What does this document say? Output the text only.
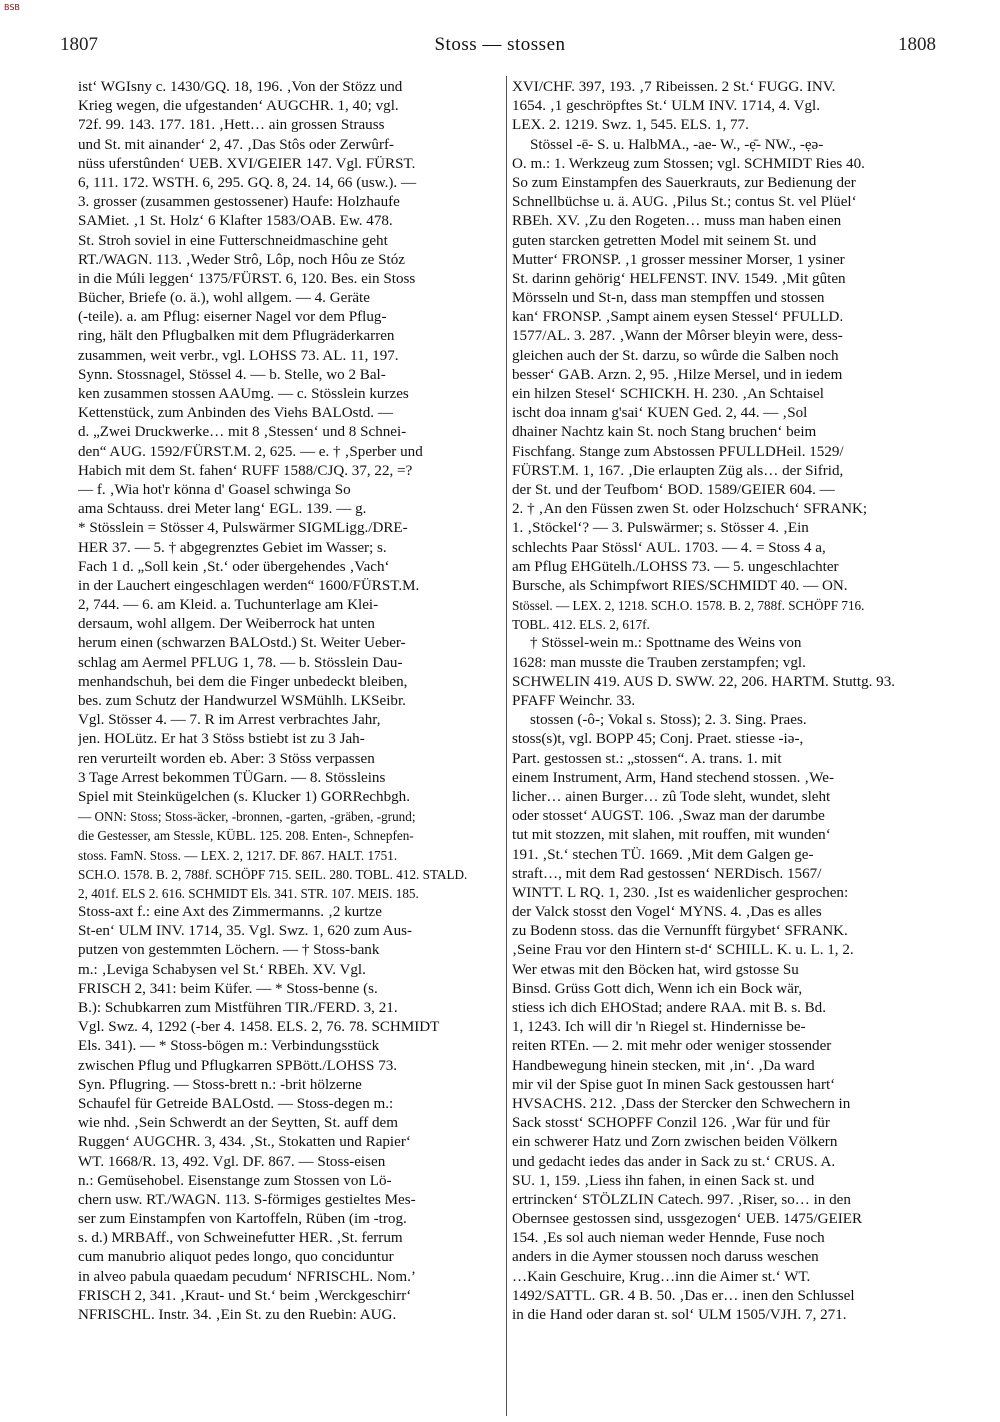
BSB
1807	Stoss — stossen	1808
ist‘ WGIsny c. 1430/GQ. 18, 196. ‚Von der Stözz und
Krieg wegen, die ufgestanden‘ AUGCHR. 1, 40; vgl.
72f. 99. 143. 177. 181. ‚Hett… ain grossen Strauss
und St. mit ainander‘ 2, 47. ‚Das Stôs oder Zerwûrf-
nüss uferstûnden‘ UEB. XVI/GEIER 147. Vgl. FÜRST.
6, 111. 172. WSTH. 6, 295. GQ. 8, 24. 14, 66 (usw.). —
3. grosser (zusammen gestossener) Haufe: Holzhaufe
SAMiet. ‚1 St. Holz‘ 6 Klafter 1583/OAB. Ew. 478.
St. Stroh soviel in eine Futterschneidmaschine geht
RT./WAGN. 113. ‚Weder Strô, Lôp, noch Hôu ze Stóz
in die Múli leggen‘ 1375/FÜRST. 6, 120. Bes. ein Stoss
Bücher, Briefe (o. ä.), wohl allgem. — 4. Geräte
(-teile). a. am Pflug: eiserner Nagel vor dem Pflug-
ring, hält den Pflugbalken mit dem Pflugräderkarren
zusammen, weit verbr., vgl. LOHSS 73. AL. 11, 197.
Synn. Stossnagel, Stössel 4. — b. Stelle, wo 2 Bal-
ken zusammen stossen AAUmg. — c. Stösslein kurzes
Kettenstück, zum Anbinden des Viehs BALOstd. —
d. „Zwei Druckwerke… mit 8 ‚Stessen‘ und 8 Schnei-
den“ AUG. 1592/FÜRST.M. 2, 625. — e. † ‚Sperber und
Habich mit dem St. fahen‘ RUFF 1588/CJQ. 37, 22, =?
— f. ‚Wia hot'r könna d' Goasel schwinga So
ama Schtauss. drei Meter lang‘ EGL. 139. — g.
* Stösslein = Stösser 4, Pulswärmer SIGMLigg./DRE-
HER 37. — 5. † abgegrenztes Gebiet im Wasser; s.
Fach 1 d. „Soll kein ‚St.‘ oder übergehendes ‚Vach‘
in der Lauchert eingeschlagen werden“ 1600/FÜRST.M.
2, 744. — 6. am Kleid. a. Tuchunterlage am Klei-
dersaum, wohl allgem. Der Weiberrock hat unten
herum einen (schwarzen BALOstd.) St. Weiter Ueber-
schlag am Aermel PFLUG 1, 78. — b. Stösslein Dau-
menhandschuh, bei dem die Finger unbedeckt bleiben,
bes. zum Schutz der Handwurzel WSMühlh. LKSeibr.
Vgl. Stösser 4. — 7. R im Arrest verbrachtes Jahr,
jen. HOLütz. Er hat 3 Stöss bstiebt ist zu 3 Jah-
ren verurteilt worden eb. Aber: 3 Stöss verpassen
3 Tage Arrest bekommen TÜGarn. — 8. Stössleins
Spiel mit Steinkügelchen (s. Klucker 1) GORRechbgh.
— ONN: Stoss; Stoss-äcker, -bronnen, -garten, -gräben, -grund;
die Gestesser, am Stessle, KÜBL. 125. 208. Enten-, Schnepfen-
stoss. FamN. Stoss. — LEX. 2, 1217. DF. 867. HALT. 1751.
SCH.O. 1578. B. 2, 788f. SCHÖPF 715. SEIL. 280. TOBL. 412. STALD.
2, 401f. ELS 2. 616. SCHMIDT Els. 341. STR. 107. MEIS. 185.
Stoss-axt f.: eine Axt des Zimmermanns. ‚2 kurtze
St-en‘ ULM INV. 1714, 35. Vgl. Swz. 1, 620 zum Aus-
putzen von gestemmten Löchern. — † Stoss-bank
m.: ‚Leviga Schabysen vel St.‘ RBEh. XV. Vgl.
FRISCH 2, 341: beim Küfer. — * Stoss-benne (s.
B.): Schubkarren zum Mistführen TIR./FERD. 3, 21.
Vgl. Swz. 4, 1292 (-ber 4. 1458. ELS. 2, 76. 78. SCHMIDT
Els. 341). — * Stoss-bögen m.: Verbindungsstück
zwischen Pflug und Pflugkarren SPBött./LOHSS 73.
Syn. Pflugring. — Stoss-brett n.: -brit hölzerne
Schaufel für Getreide BALOstd. — Stoss-degen m.:
wie nhd. ‚Sein Schwerdt an der Seytten, St. auff dem
Ruggen‘ AUGCHR. 3, 434. ‚St., Stokatten und Rapier‘
WT. 1668/R. 13, 492. Vgl. DF. 867. — Stoss-eisen
n.: Gemüsehobel. Eisenstange zum Stossen von Lö-
chern usw. RT./WAGN. 113. S-förmiges gestieltes Mes-
ser zum Einstampfen von Kartoffeln, Rüben (im -trog.
s. d.) MRBAff., von Schweinefutter HER. ‚St. ferrum
cum manubrio aliquot pedes longo, quo conciduntur
in alveo pabula quaedam pecudum‘ NFRISCHL. Nom.’
FRISCH 2, 341. ‚Kraut- und St.‘ beim ‚Werckgeschirr‘
NFRISCHL. Instr. 34. ‚Ein St. zu den Ruebin: AUG.
XVI/CHF. 397, 193. ‚7 Ribeissen. 2 St.‘ FUGG. INV.
1654. ‚1 geschröpftes St.‘ ULM INV. 1714, 4. Vgl.
LEX. 2. 1219. Swz. 1, 545. ELS. 1, 77.
Stössel -ē- S. u. HalbMA., -ae- W., -ẹ̄- NW., -ẹə-
O. m.: 1. Werkzeug zum Stossen; vgl. SCHMIDT Ries 40.
So zum Einstampfen des Sauerkrauts, zur Bedienung der
Schnellbüchse u. ä. AUG. ‚Pilus St.; contus St. vel Plüel‘
RBEh. XV. ‚Zu den Rogeten… muss man haben einen
guten starcken getretten Model mit seinem St. und
Mutter‘ FRONSP. ‚1 grosser messiner Morser, 1 ysiner
St. darinn gehörig‘ HELFENST. INV. 1549. ‚Mit gûten
Mörsseln und St-n, dass man stempffen und stossen
kan‘ FRONSP. ‚Sampt ainem eysen Stessel‘ PFULLD.
1577/AL. 3. 287. ‚Wann der Môrser bleyin were, dess-
gleichen auch der St. darzu, so wûrde die Salben noch
besser‘ GAB. Arzn. 2, 95. ‚Hilze Mersel, und in iedem
ein hilzen Stesel‘ SCHICKH. H. 230. ‚An Schtaisel
ischt doa innam g'sai‘ KUEN Ged. 2, 44. — ‚Sol
dhainer Nachtz kain St. noch Stang bruchen‘ beim
Fischfang. Stange zum Abstossen PFULLDHeil. 1529/
FÜRST.M. 1, 167. ‚Die erlaupten Züg als… der Sifrid,
der St. und der Teufbom‘ BOD. 1589/GEIER 604. —
2. † ‚An den Füssen zwen St. oder Holzschuch‘ SFRANK;
1. ‚Stöckel‘? — 3. Pulswärmer; s. Stösser 4. ‚Ein
schlechts Paar Stössl‘ AUL. 1703. — 4. = Stoss 4 a,
am Pflug EHGütelh./LOHSS 73. — 5. ungeschlachter
Bursche, als Schimpfwort RIES/SCHMIDT 40. — ON.
Stössel. — LEX. 2, 1218. SCH.O. 1578. B. 2, 788f. SCHÖPF 716.
TOBL. 412. ELS. 2, 617f.
† Stössel-wein m.: Spottname des Weins von
1628: man musste die Trauben zerstampfen; vgl.
SCHWELIN 419. AUS D. SWW. 22, 206. HARTM. Stuttg. 93.
PFAFF Weinchr. 33.
stossen (-ô-; Vokal s. Stoss); 2. 3. Sing. Praes.
stoss(s)t, vgl. BOPP 45; Conj. Praet. stiesse -iə-,
Part. gestossen st.: „stossen“. A. trans. 1. mit
einem Instrument, Arm, Hand stechend stossen. ‚We-
licher… ainen Burger… zû Tode sleht, wundet, sleht
oder stosset‘ AUGST. 106. ‚Swaz man der darumbe
tut mit stozzen, mit slahen, mit rouffen, mit wunden‘
191. ‚St.‘ stechen TÜ. 1669. ‚Mit dem Galgen ge-
straft…, mit dem Rad gestossen‘ NERDisch. 1567/
WINTT. L RQ. 1, 230. ‚Ist es waidenlicher gesprochen:
der Valck stosst den Vogel‘ MYNS. 4. ‚Das es alles
zu Bodenn stoss. das die Vernunfft fürgybet‘ SFRANK.
‚Seine Frau vor den Hintern st-d‘ SCHILL. K. u. L. 1, 2.
Wer etwas mit den Böcken hat, wird gstosse Su
Binsd. Grüss Gott dich, Wenn ich ein Bock wär,
stiess ich dich EHOStad; andere RAA. mit B. s. Bd.
1, 1243. Ich will dir 'n Riegel st. Hindernisse be-
reiten RTEn. — 2. mit mehr oder weniger stossender
Handbewegung hinein stecken, mit ‚in‘. ‚Da ward
mir vil der Spise guot In minen Sack gestoussen hart‘
HVSACHS. 212. ‚Dass der Stercker den Schwechern in
Sack stosst‘ SCHOPFF Conzil 126. ‚War für und für
ein schwerer Hatz und Zorn zwischen beiden Völkern
und gedacht iedes das ander in Sack zu st.‘ CRUS. A.
SU. 1, 159. ‚Liess ihn fahen, in einen Sack st. und
ertrincken‘ STÖLZLIN Catech. 997. ‚Riser, so… in den
Obernsee gestossen sind, ussgezogen‘ UEB. 1475/GEIER
154. ‚Es sol auch nieman weder Hennde, Fuse noch
anders in die Aymer stoussen noch daruss weschen
…Kain Geschuire, Krug…inn die Aimer st.‘ WT.
1492/SATTL. GR. 4 B. 50. ‚Das er… inen den Schlussel
in die Hand oder daran st. sol‘ ULM 1505/VJH. 7, 271.
